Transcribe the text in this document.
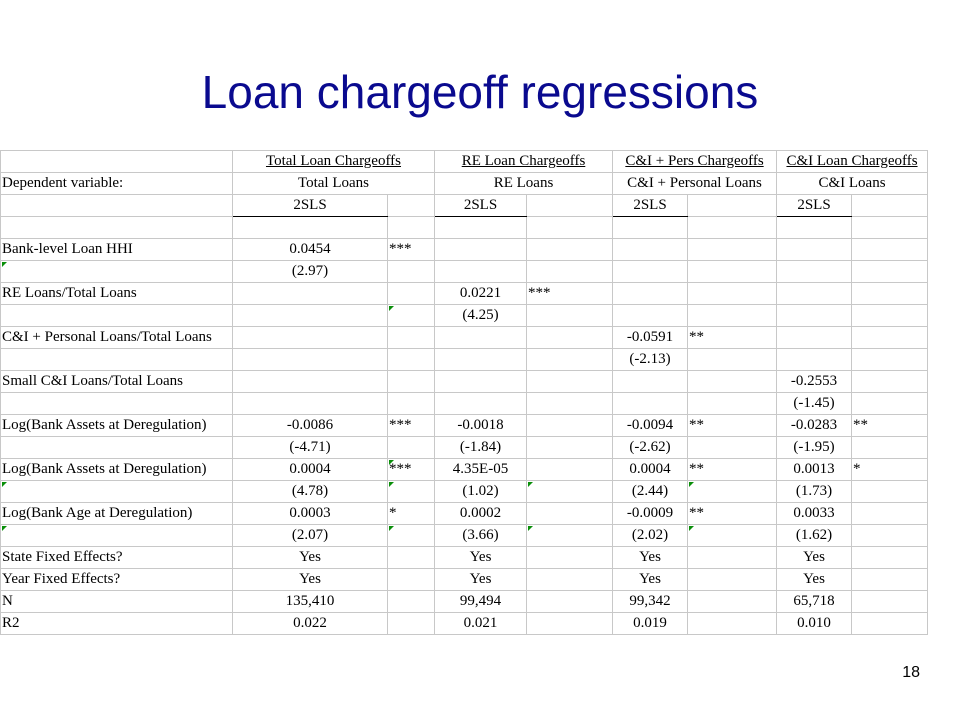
Loan chargeoff regressions
	Total Loan Chargeoffs		RE Loan Chargeoffs		C&I + Pers Chargeoffs		C&I Loan Chargeoffs	
Dependent variable:	Total Loans		RE Loans		C&I + Personal Loans		C&I Loans	
	2SLS		2SLS		2SLS		2SLS	

Bank-level Loan HHI	0.0454	***						

	(2.97)							
RE Loans/Total Loans			0.0221	***				

	(4.25)					
C&I + Personal Loans/Total Loans					-0.0591	**		
					(-2.13)			
Small C&I Loans/Total Loans							-0.2553	
							(-1.45)	
Log(Bank Assets at Deregulation)	-0.0086	***	-0.0018		-0.0094	**	-0.0283	**
	(-4.71)		(-1.84)		(-2.62)		(-1.95)	
Log(Bank Assets at Deregulation)	0.0004	***	4.35E-05		0.0004	**	0.0013	*

	(4.78)		(1.02)		(2.44)		(1.73)	
Log(Bank Age at Deregulation)	0.0003	*	0.0002		-0.0009	**	0.0033	

	(2.07)		(3.66)		(2.02)		(1.62)	
State Fixed Effects?	Yes		Yes		Yes		Yes	
Year Fixed Effects?	Yes		Yes		Yes		Yes	
N	135,410		99,494		99,342		65,718	
R2	0.022		0.021		0.019		0.010	
18
